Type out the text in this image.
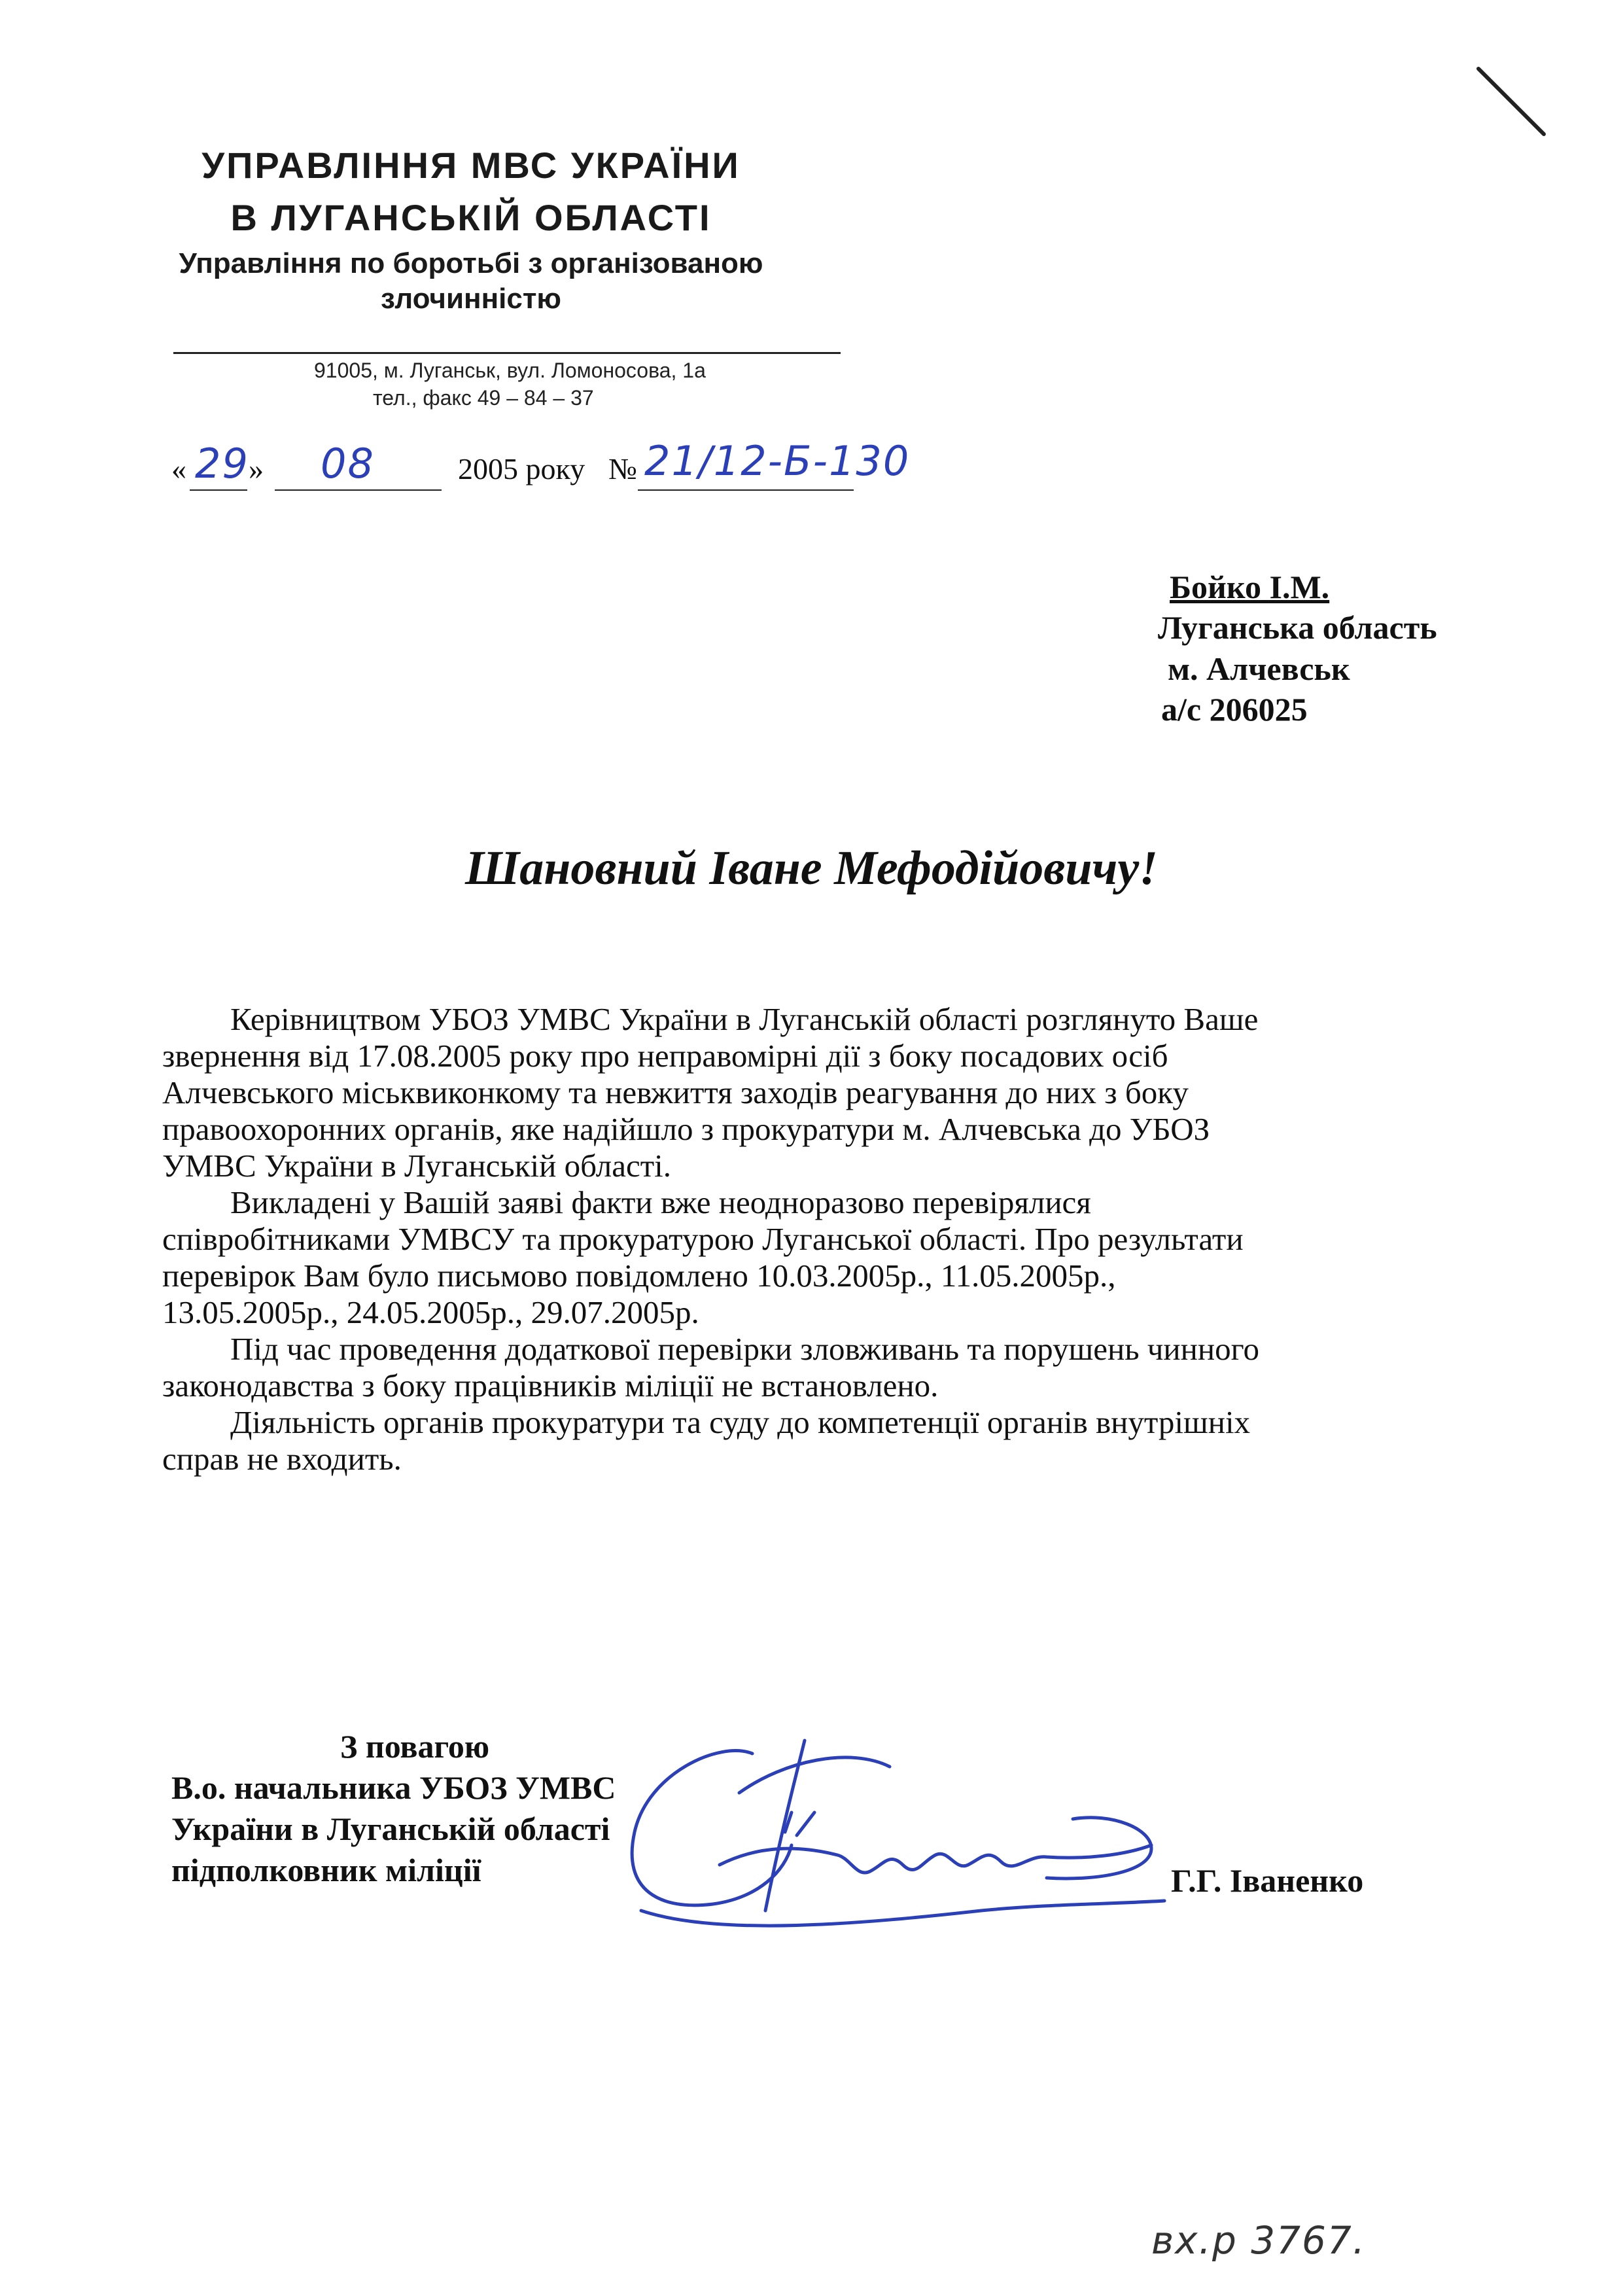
УПРАВЛІННЯ МВС УКРАЇНИ
В ЛУГАНСЬКІЙ ОБЛАСТІ
Управління по боротьбі з організованою
злочинністю
91005, м. Луганськ, вул. Ломоносова, 1а
тел., факс 49 – 84 – 37
« 29 » 08	2005 року № 21/12-Б-130
Бойко І.М.
Луганська область
м. Алчевськ
а/с 206025
Шановний Іване Мефодійовичу!
Керівництвом УБОЗ УМВС України в Луганській області розглянуто Ваше
звернення від 17.08.2005 року про неправомірні дії з боку посадових осіб
Алчевського міськвиконкому та невжиття заходів реагування до них з боку
правоохоронних органів, яке надійшло з прокуратури м. Алчевська до УБОЗ
УМВС України в Луганській області.
Викладені у Вашій заяві факти вже неодноразово перевірялися
співробітниками УМВСУ та прокуратурою Луганської області. Про результати
перевірок Вам було письмово повідомлено 10.03.2005р., 11.05.2005р.,
13.05.2005р., 24.05.2005р., 29.07.2005р.
Під час проведення додаткової перевірки зловживань та порушень чинного
законодавства з боку працівників міліції не встановлено.
Діяльність органів прокуратури та суду до компетенції органів внутрішніх
справ не входить.
З повагою
В.о. начальника УБОЗ УМВС
України в Луганській області
підполковник міліції	Г.Г. Іваненко
вх.р 3767.
